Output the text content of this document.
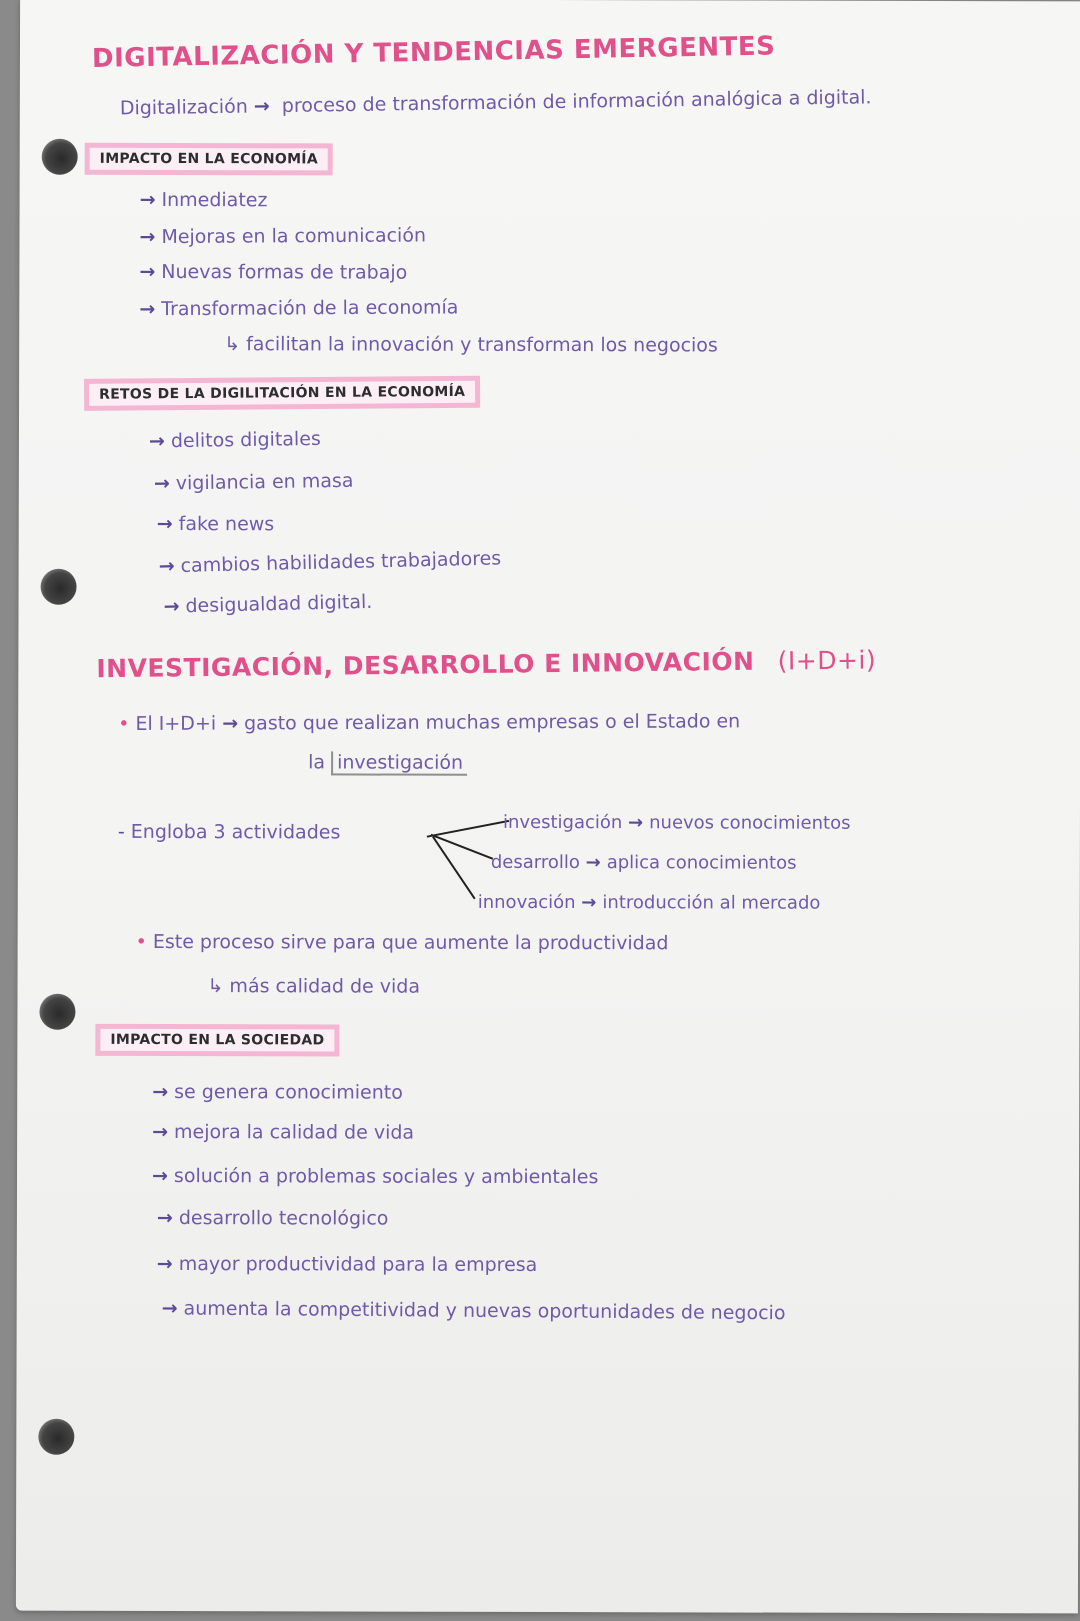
DIGITALIZACIÓN Y TENDENCIAS EMERGENTES

Digitalización → proceso de transformación de información analógica a digital.

IMPACTO EN LA ECONOMÍA

→ Inmediatez

→ Mejoras en la comunicación

→ Nuevas formas de trabajo

→ Transformación de la economía

↳ facilitan la innovación y transforman los negocios

RETOS DE LA DIGILITACIÓN EN LA ECONOMÍA

→ delitos digitales

→ vigilancia en masa

→ fake news

→ cambios habilidades trabajadores

→ desigualdad digital.

INVESTIGACIÓN, DESARROLLO E INNOVACIÓN (I+D+i)

• El I+D+i → gasto que realizan muchas empresas o el Estado en

la investigación

- Engloba 3 actividades	investigación → nuevos conocimientos

desarrollo → aplica conocimientos

innovación → introducción al mercado

• Este proceso sirve para que aumente la productividad

↳ más calidad de vida

IMPACTO EN LA SOCIEDAD

→ se genera conocimiento

→ mejora la calidad de vida

→ solución a problemas sociales y ambientales

→ desarrollo tecnológico

→ mayor productividad para la empresa

→ aumenta la competitividad y nuevas oportunidades de negocio
